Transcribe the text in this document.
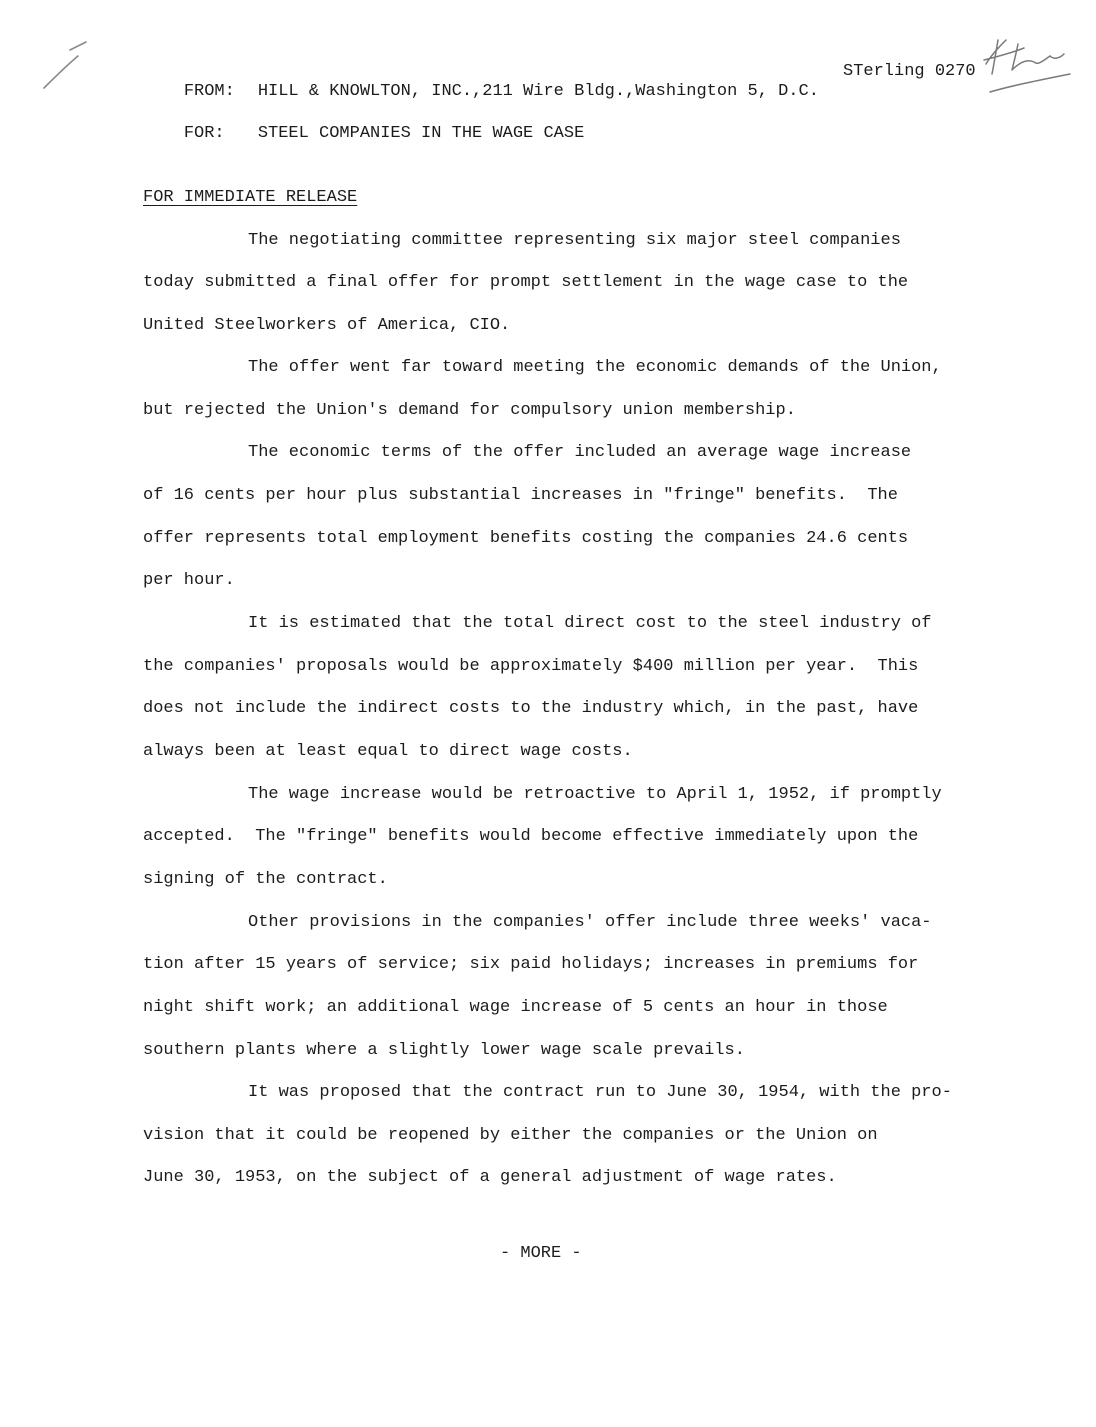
FROM: HILL & KNOWLTON, INC.,211 Wire Bldg.,Washington 5, D.C.

STerling 0270

FOR: STEEL COMPANIES IN THE WAGE CASE

FOR IMMEDIATE RELEASE
The negotiating committee representing six major steel companies
today submitted a final offer for prompt settlement in the wage case to the
United Steelworkers of America, CIO.
The offer went far toward meeting the economic demands of the Union,
but rejected the Union's demand for compulsory union membership.
The economic terms of the offer included an average wage increase
of 16 cents per hour plus substantial increases in "fringe" benefits.  The
offer represents total employment benefits costing the companies 24.6 cents
per hour.
It is estimated that the total direct cost to the steel industry of
the companies' proposals would be approximately $400 million per year.  This
does not include the indirect costs to the industry which, in the past, have
always been at least equal to direct wage costs.
The wage increase would be retroactive to April 1, 1952, if promptly
accepted.  The "fringe" benefits would become effective immediately upon the
signing of the contract.
Other provisions in the companies' offer include three weeks' vaca-
tion after 15 years of service; six paid holidays; increases in premiums for
night shift work; an additional wage increase of 5 cents an hour in those
southern plants where a slightly lower wage scale prevails.
It was proposed that the contract run to June 30, 1954, with the pro-
vision that it could be reopened by either the companies or the Union on
June 30, 1953, on the subject of a general adjustment of wage rates.
- MORE -
